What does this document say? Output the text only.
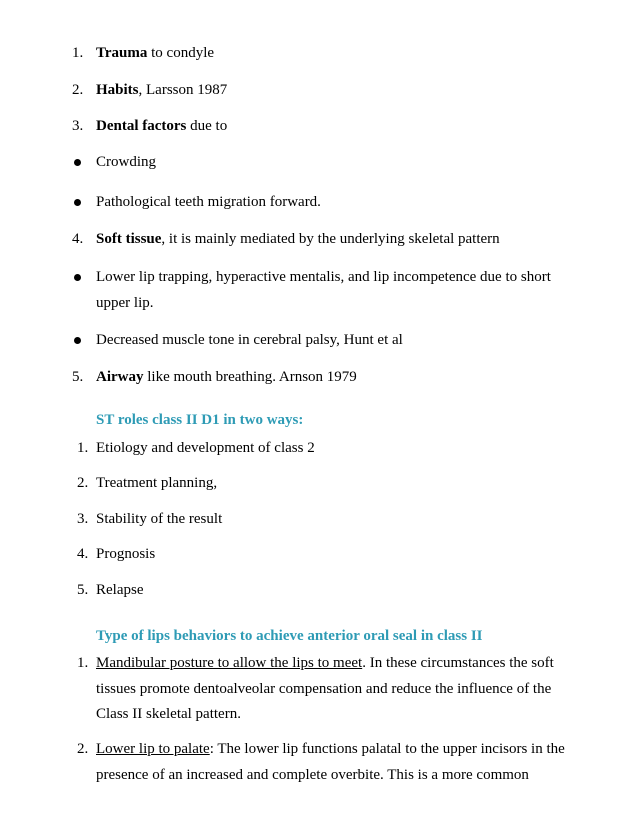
1. Trauma to condyle
2. Habits, Larsson 1987
3. Dental factors due to
Crowding
Pathological teeth migration forward.
4. Soft tissue, it is mainly mediated by the underlying skeletal pattern
Lower lip trapping, hyperactive mentalis, and lip incompetence due to short
upper lip.
Decreased muscle tone in cerebral palsy, Hunt et al
5. Airway like mouth breathing. Arnson 1979
ST roles class II D1 in two ways:
1. Etiology and development of class 2
2. Treatment planning,
3. Stability of the result
4. Prognosis
5. Relapse
Type of lips behaviors to achieve anterior oral seal in class II
1. Mandibular posture to allow the lips to meet. In these circumstances the soft
tissues promote dentoalveolar compensation and reduce the influence of the
Class II skeletal pattern.
2. Lower lip to palate: The lower lip functions palatal to the upper incisors in the
presence of an increased and complete overbite. This is a more common
